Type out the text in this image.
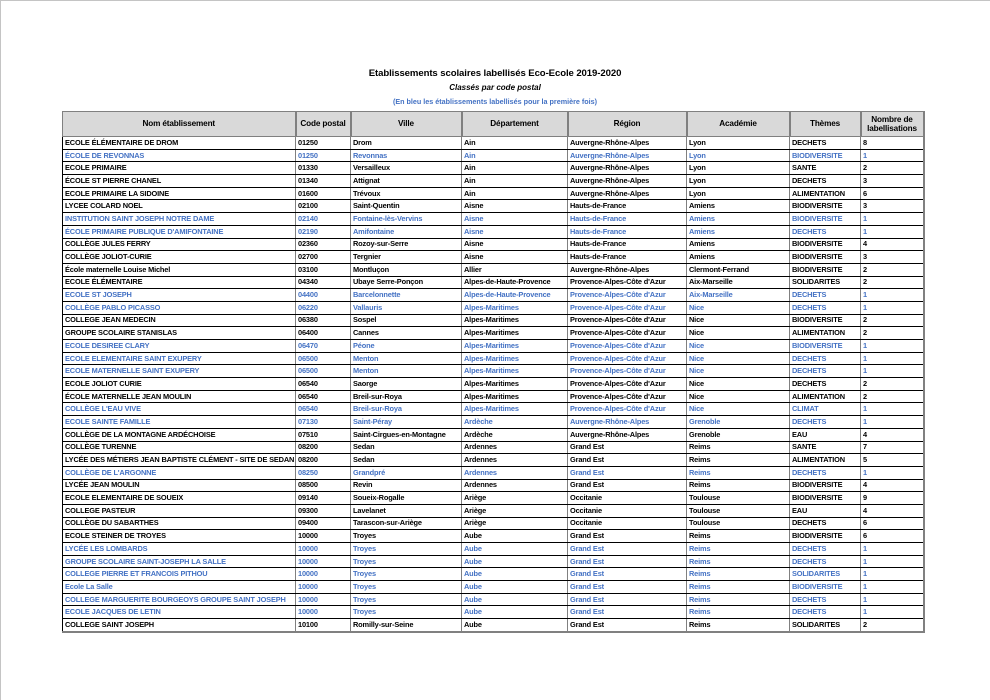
Etablissements scolaires labellisés Eco-Ecole 2019-2020
Classés par code postal
(En bleu les établissements labellisés pour la première fois)
Nom établissement	Code postal	Ville	Département	Région	Académie	Thèmes	Nombre de labellisations
ECOLE ÉLÉMENTAIRE DE DROM	01250	Drom	Ain	Auvergne-Rhône-Alpes	Lyon	DECHETS	8
ÉCOLE DE REVONNAS	01250	Revonnas	Ain	Auvergne-Rhône-Alpes	Lyon	BIODIVERSITE	1
ECOLE PRIMAIRE	01330	Versailleux	Ain	Auvergne-Rhône-Alpes	Lyon	SANTE	2
ÉCOLE ST PIERRE CHANEL	01340	Attignat	Ain	Auvergne-Rhône-Alpes	Lyon	DECHETS	3
ECOLE PRIMAIRE LA SIDOINE	01600	Trévoux	Ain	Auvergne-Rhône-Alpes	Lyon	ALIMENTATION	6
LYCEE COLARD NOEL	02100	Saint-Quentin	Aisne	Hauts-de-France	Amiens	BIODIVERSITE	3
INSTITUTION SAINT JOSEPH NOTRE DAME	02140	Fontaine-lès-Vervins	Aisne	Hauts-de-France	Amiens	BIODIVERSITE	1
ÉCOLE PRIMAIRE PUBLIQUE D'AMIFONTAINE	02190	Amifontaine	Aisne	Hauts-de-France	Amiens	DECHETS	1
COLLÈGE JULES FERRY	02360	Rozoy-sur-Serre	Aisne	Hauts-de-France	Amiens	BIODIVERSITE	4
COLLÈGE JOLIOT-CURIE	02700	Tergnier	Aisne	Hauts-de-France	Amiens	BIODIVERSITE	3
École maternelle Louise Michel	03100	Montluçon	Allier	Auvergne-Rhône-Alpes	Clermont-Ferrand	BIODIVERSITE	2
ECOLE ÉLÉMENTAIRE	04340	Ubaye Serre-Ponçon	Alpes-de-Haute-Provence	Provence-Alpes-Côte d'Azur	Aix-Marseille	SOLIDARITES	2
ECOLE ST JOSEPH	04400	Barcelonnette	Alpes-de-Haute-Provence	Provence-Alpes-Côte d'Azur	Aix-Marseille	DECHETS	1
COLLÈGE PABLO PICASSO	06220	Vallauris	Alpes-Maritimes	Provence-Alpes-Côte d'Azur	Nice	DECHETS	1
COLLEGE JEAN MEDECIN	06380	Sospel	Alpes-Maritimes	Provence-Alpes-Côte d'Azur	Nice	BIODIVERSITE	2
GROUPE SCOLAIRE STANISLAS	06400	Cannes	Alpes-Maritimes	Provence-Alpes-Côte d'Azur	Nice	ALIMENTATION	2
ECOLE DESIREE CLARY	06470	Péone	Alpes-Maritimes	Provence-Alpes-Côte d'Azur	Nice	BIODIVERSITE	1
ECOLE ELEMENTAIRE SAINT EXUPERY	06500	Menton	Alpes-Maritimes	Provence-Alpes-Côte d'Azur	Nice	DECHETS	1
ECOLE MATERNELLE SAINT EXUPERY	06500	Menton	Alpes-Maritimes	Provence-Alpes-Côte d'Azur	Nice	DECHETS	1
ECOLE JOLIOT CURIE	06540	Saorge	Alpes-Maritimes	Provence-Alpes-Côte d'Azur	Nice	DECHETS	2
ÉCOLE MATERNELLE JEAN MOULIN	06540	Breil-sur-Roya	Alpes-Maritimes	Provence-Alpes-Côte d'Azur	Nice	ALIMENTATION	2
COLLÈGE L'EAU VIVE	06540	Breil-sur-Roya	Alpes-Maritimes	Provence-Alpes-Côte d'Azur	Nice	CLIMAT	1
ECOLE SAINTE FAMILLE	07130	Saint-Péray	Ardèche	Auvergne-Rhône-Alpes	Grenoble	DECHETS	1
COLLÈGE DE LA MONTAGNE ARDÉCHOISE	07510	Saint-Cirgues-en-Montagne	Ardèche	Auvergne-Rhône-Alpes	Grenoble	EAU	4
COLLÈGE TURENNE	08200	Sedan	Ardennes	Grand Est	Reims	SANTE	7
LYCÉE DES MÉTIERS JEAN BAPTISTE CLÉMENT - SITE DE SEDAN	08200	Sedan	Ardennes	Grand Est	Reims	ALIMENTATION	5
COLLÈGE DE L'ARGONNE	08250	Grandpré	Ardennes	Grand Est	Reims	DECHETS	1
LYCÉE JEAN MOULIN	08500	Revin	Ardennes	Grand Est	Reims	BIODIVERSITE	4
ECOLE ELEMENTAIRE DE SOUEIX	09140	Soueix-Rogalle	Ariège	Occitanie	Toulouse	BIODIVERSITE	9
COLLEGE PASTEUR	09300	Lavelanet	Ariège	Occitanie	Toulouse	EAU	4
COLLÈGE DU SABARTHES	09400	Tarascon-sur-Ariège	Ariège	Occitanie	Toulouse	DECHETS	6
ECOLE STEINER DE TROYES	10000	Troyes	Aube	Grand Est	Reims	BIODIVERSITE	6
LYCÉE LES LOMBARDS	10000	Troyes	Aube	Grand Est	Reims	DECHETS	1
GROUPE SCOLAIRE SAINT-JOSEPH LA SALLE	10000	Troyes	Aube	Grand Est	Reims	DECHETS	1
COLLEGE PIERRE ET FRANCOIS PITHOU	10000	Troyes	Aube	Grand Est	Reims	SOLIDARITES	1
Ecole La Salle	10000	Troyes	Aube	Grand Est	Reims	BIODIVERSITE	1
COLLEGE MARGUERITE BOURGEOYS GROUPE SAINT JOSEPH	10000	Troyes	Aube	Grand Est	Reims	DECHETS	1
ECOLE JACQUES DE LETIN	10000	Troyes	Aube	Grand Est	Reims	DECHETS	1
COLLEGE SAINT JOSEPH	10100	Romilly-sur-Seine	Aube	Grand Est	Reims	SOLIDARITES	2
